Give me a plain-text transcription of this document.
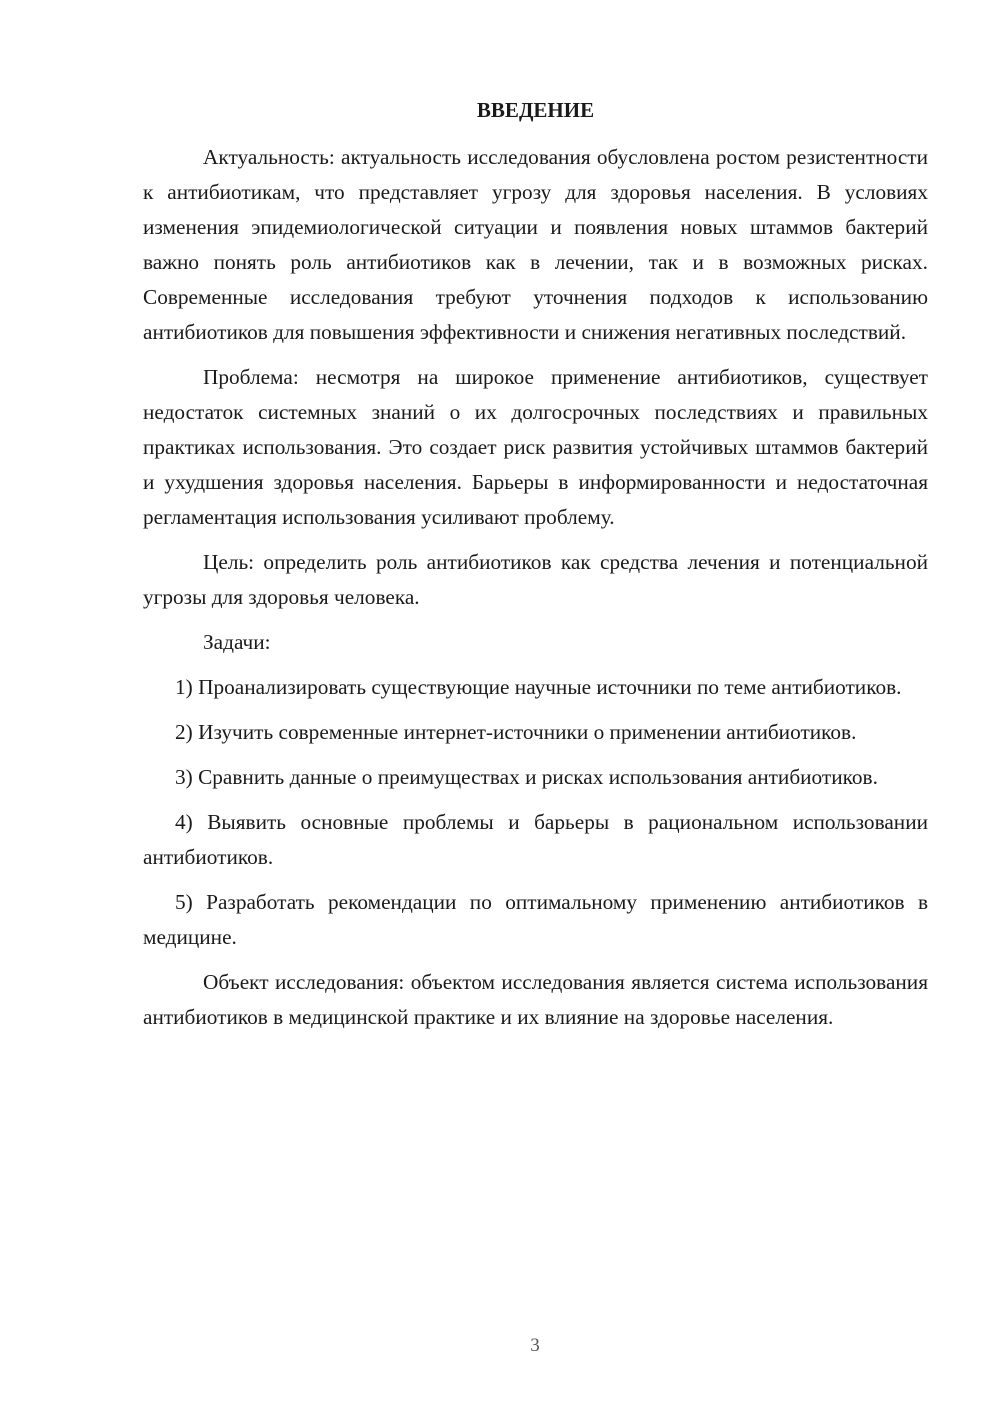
ВВЕДЕНИЕ

Актуальность: актуальность исследования обусловлена ростом резистентности к антибиотикам, что представляет угрозу для здоровья населения. В условиях изменения эпидемиологической ситуации и появления новых штаммов бактерий важно понять роль антибиотиков как в лечении, так и в возможных рисках. Современные исследования требуют уточнения подходов к использованию антибиотиков для повышения эффективности и снижения негативных последствий.

Проблема: несмотря на широкое применение антибиотиков, существует недостаток системных знаний о их долгосрочных последствиях и правильных практиках использования. Это создает риск развития устойчивых штаммов бактерий и ухудшения здоровья населения. Барьеры в информированности и недостаточная регламентация использования усиливают проблему.

Цель: определить роль антибиотиков как средства лечения и потенциальной угрозы для здоровья человека.

Задачи:

1) Проанализировать существующие научные источники по теме антибиотиков.

2) Изучить современные интернет-источники о применении антибиотиков.

3) Сравнить данные о преимуществах и рисках использования антибиотиков.

4) Выявить основные проблемы и барьеры в рациональном использовании антибиотиков.

5) Разработать рекомендации по оптимальному применению антибиотиков в медицине.

Объект исследования: объектом исследования является система использования антибиотиков в медицинской практике и их влияние на здоровье населения.

3
